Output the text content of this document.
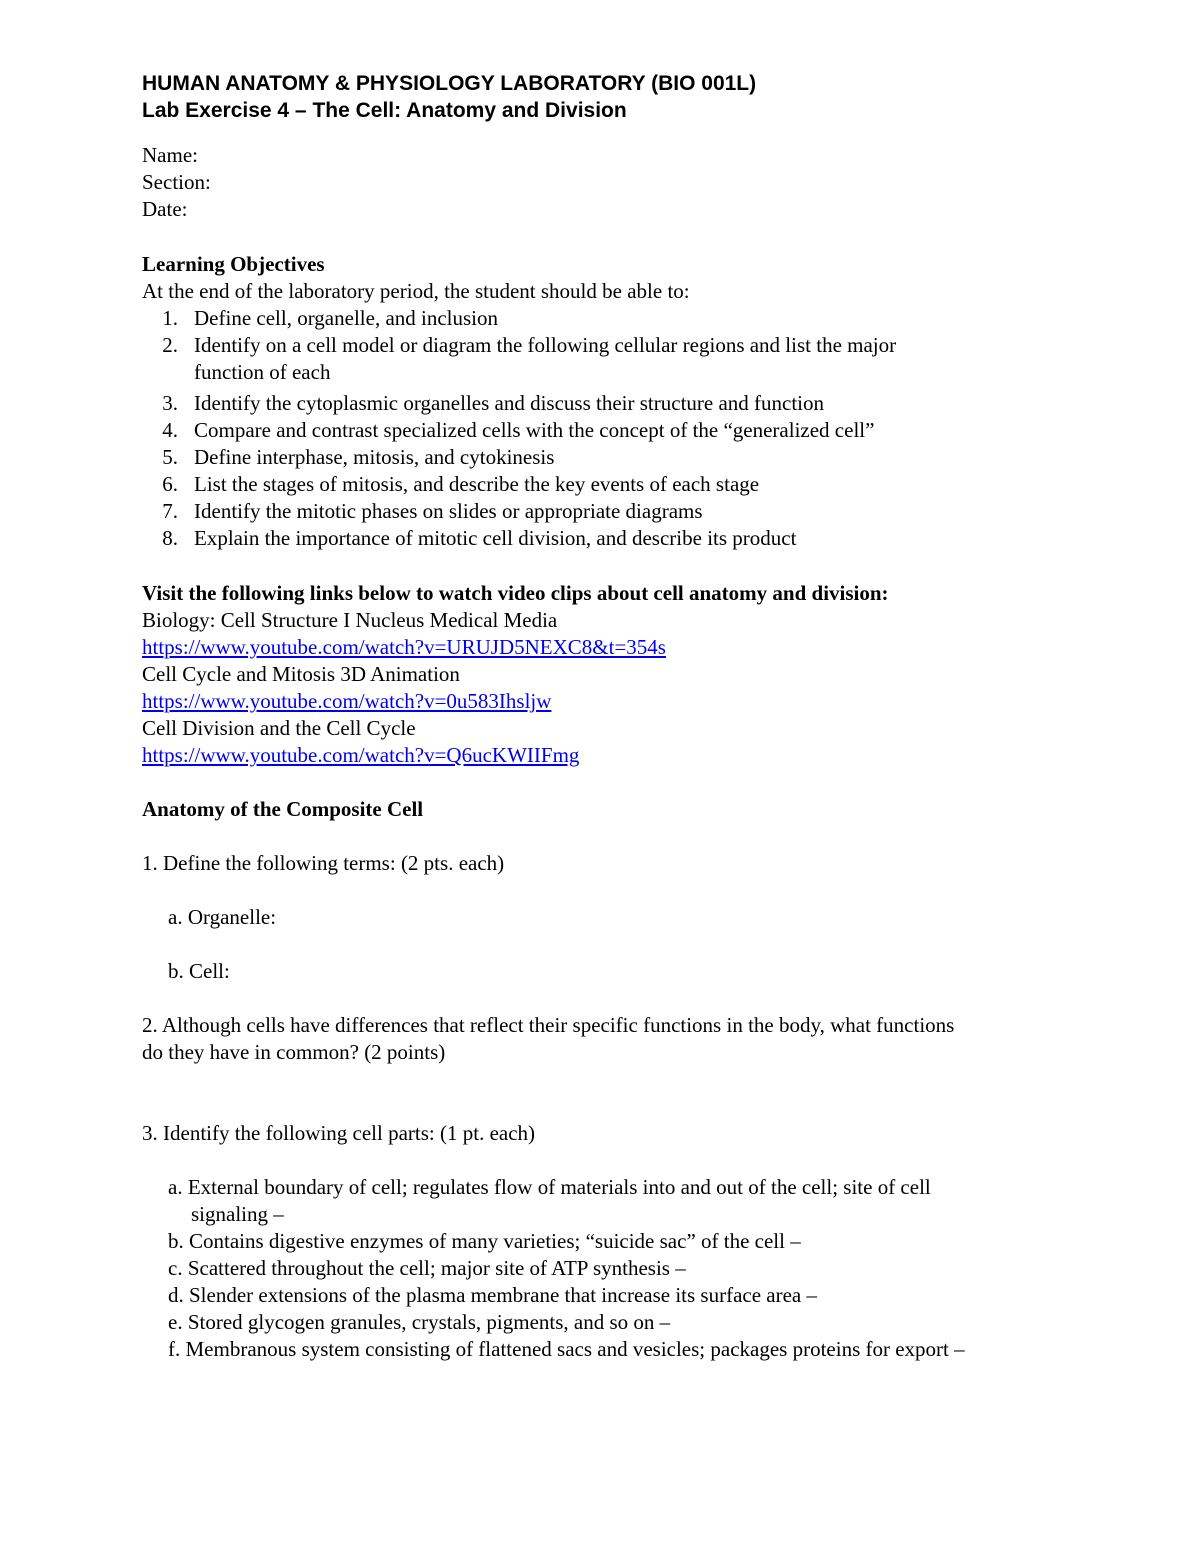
HUMAN ANATOMY & PHYSIOLOGY LABORATORY (BIO 001L)
Lab Exercise 4 – The Cell: Anatomy and Division
Name:
Section:
Date:
Learning Objectives
At the end of the laboratory period, the student should be able to:
1. Define cell, organelle, and inclusion
2. Identify on a cell model or diagram the following cellular regions and list the major
function of each
3. Identify the cytoplasmic organelles and discuss their structure and function
4. Compare and contrast specialized cells with the concept of the “generalized cell”
5. Define interphase, mitosis, and cytokinesis
6. List the stages of mitosis, and describe the key events of each stage
7. Identify the mitotic phases on slides or appropriate diagrams
8. Explain the importance of mitotic cell division, and describe its product
Visit the following links below to watch video clips about cell anatomy and division:
Biology: Cell Structure I Nucleus Medical Media
https://www.youtube.com/watch?v=URUJD5NEXC8&t=354s
Cell Cycle and Mitosis 3D Animation
https://www.youtube.com/watch?v=0u583Ihsljw
Cell Division and the Cell Cycle
https://www.youtube.com/watch?v=Q6ucKWIIFmg
Anatomy of the Composite Cell
1. Define the following terms: (2 pts. each)
a. Organelle:
b. Cell:
2. Although cells have differences that reflect their specific functions in the body, what functions
do they have in common? (2 points)
3. Identify the following cell parts: (1 pt. each)
a. External boundary of cell; regulates flow of materials into and out of the cell; site of cell
signaling –
b. Contains digestive enzymes of many varieties; “suicide sac” of the cell –
c. Scattered throughout the cell; major site of ATP synthesis –
d. Slender extensions of the plasma membrane that increase its surface area –
e. Stored glycogen granules, crystals, pigments, and so on –
f. Membranous system consisting of flattened sacs and vesicles; packages proteins for export –
